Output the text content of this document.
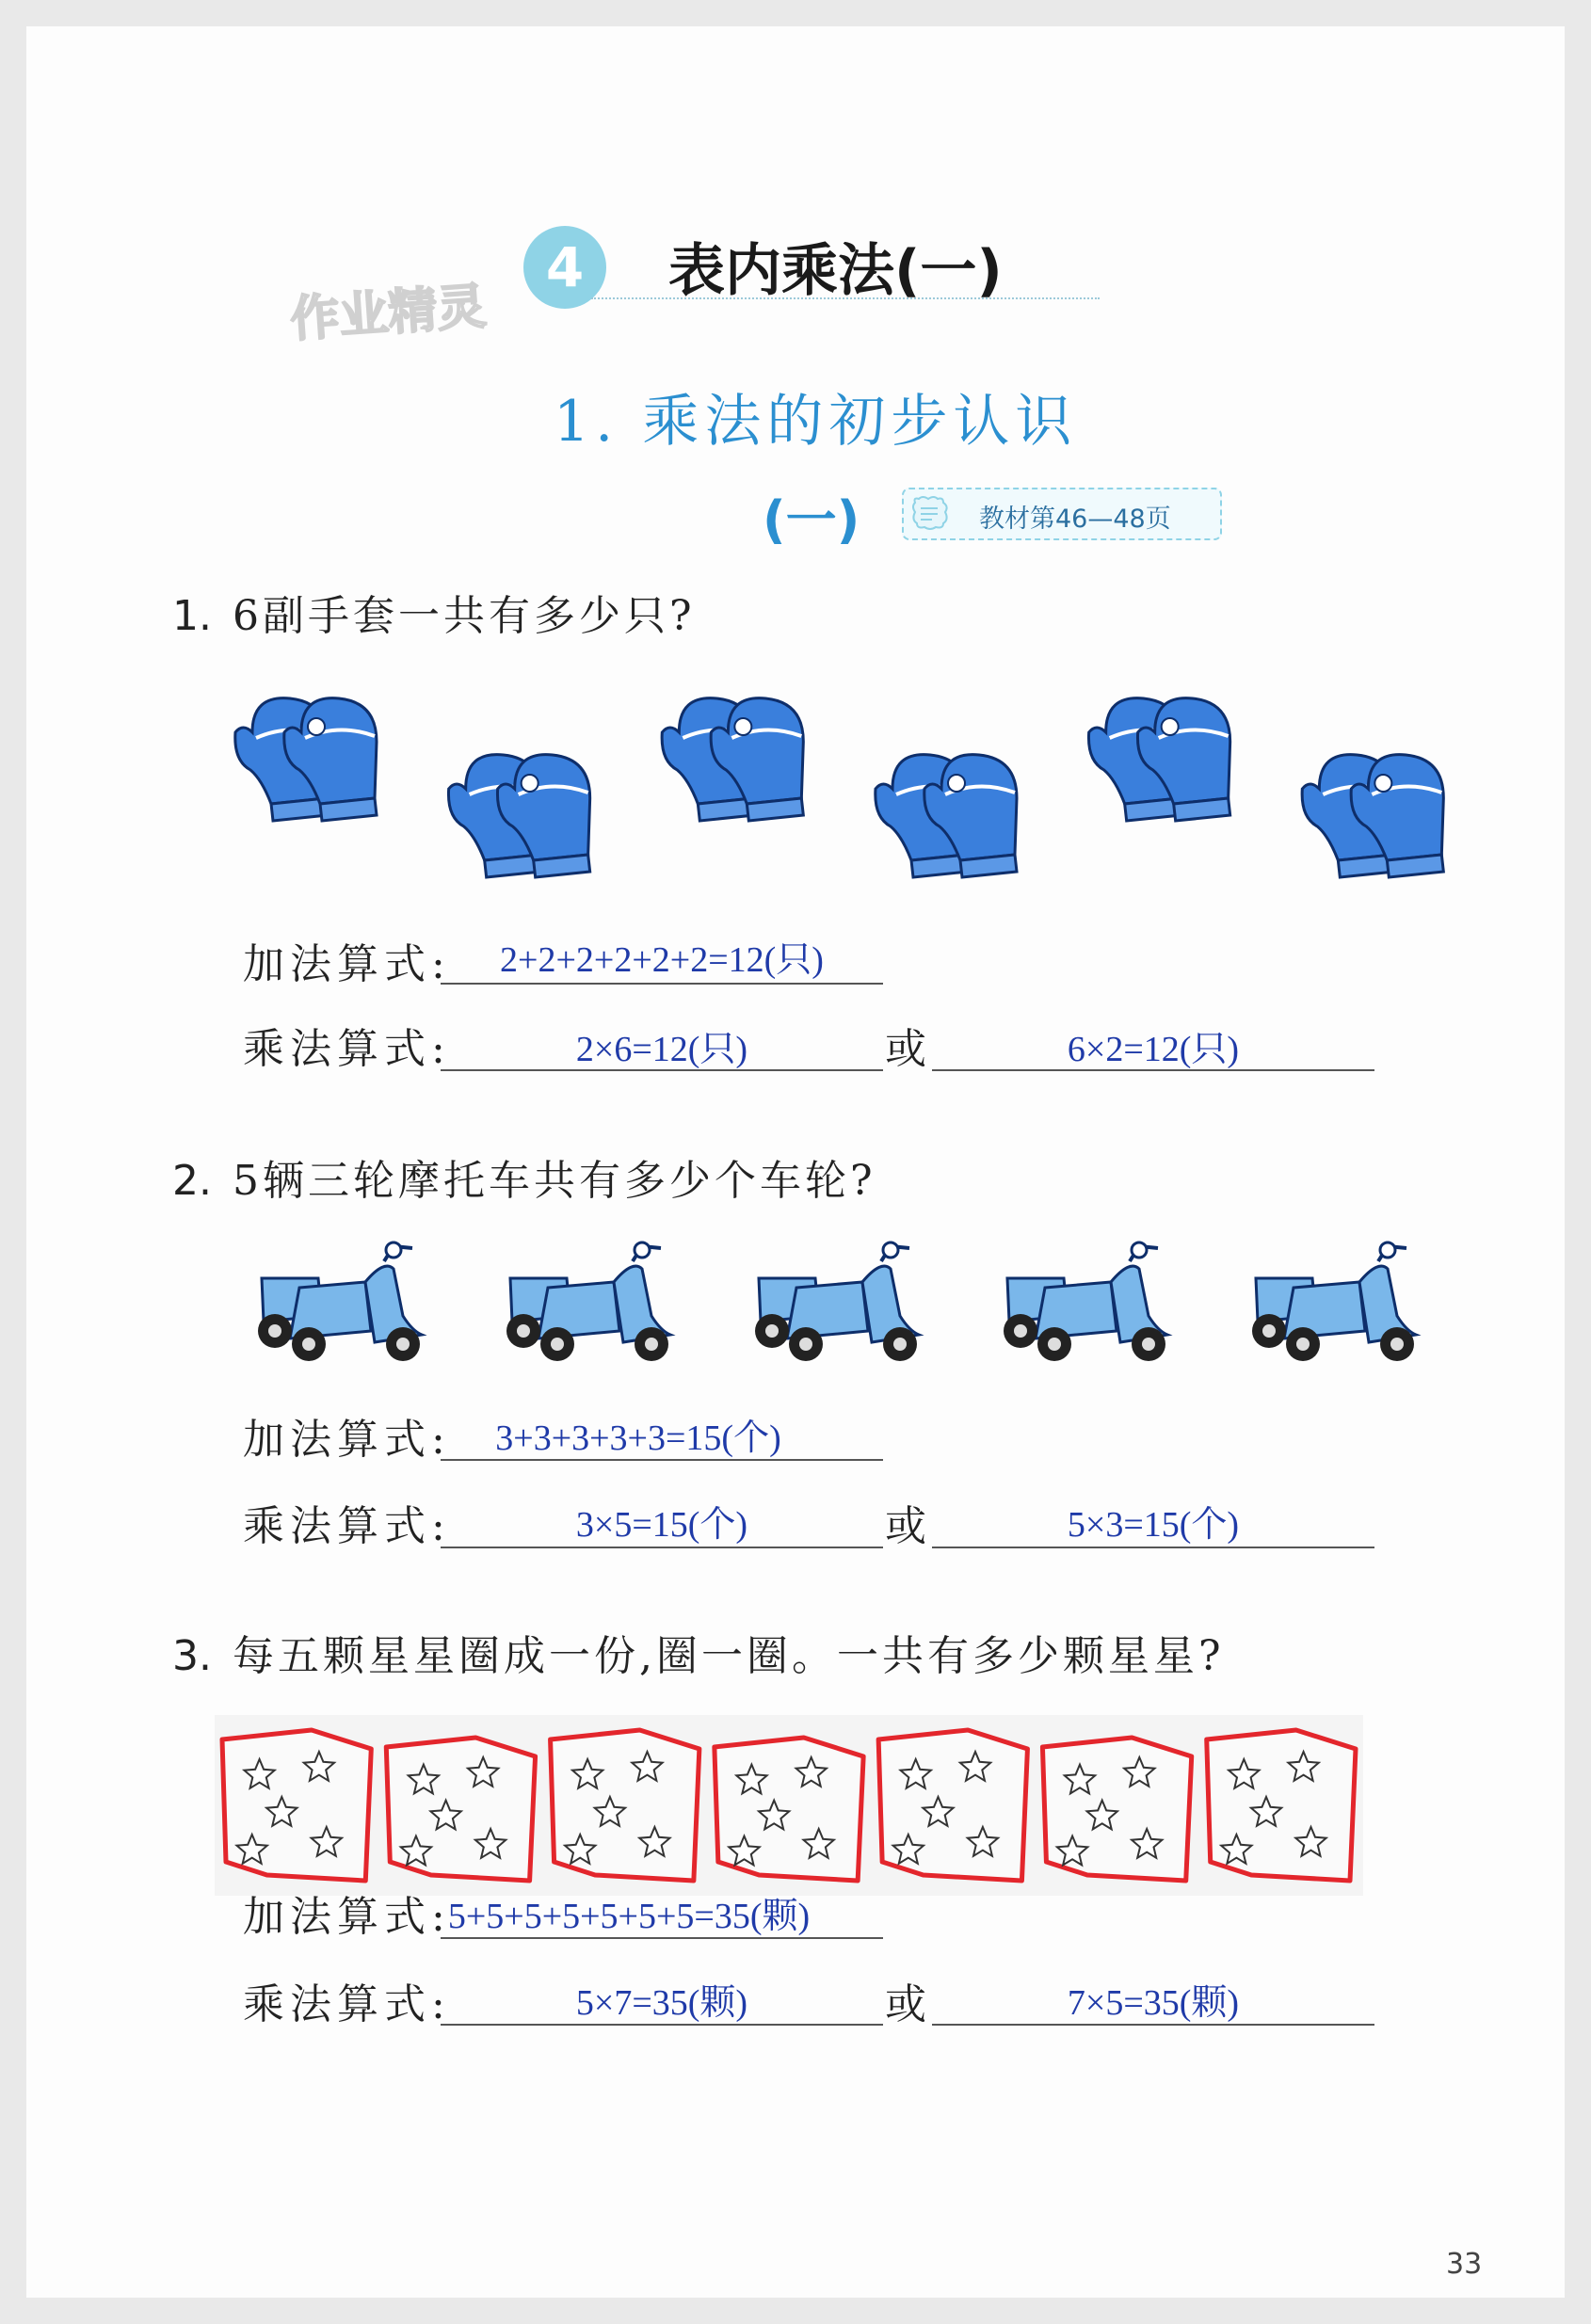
4	表内乘法(一)
作业精灵
1. 乘法的初步认识
(一)	教材第46—48页
1. 6副手套一共有多少只?
加法算式:	2+2+2+2+2+2=12(只)
乘法算式:	2×6=12(只)	或	6×2=12(只)
2. 5辆三轮摩托车共有多少个车轮?
加法算式:	3+3+3+3+3=15(个)
乘法算式:	3×5=15(个)	或	5×3=15(个)
3. 每五颗星星圈成一份,圈一圈。一共有多少颗星星?
加法算式:
5+5+5+5+5+5+5=35(颗)
乘法算式:	5×7=35(颗)	或	7×5=35(颗)
33
